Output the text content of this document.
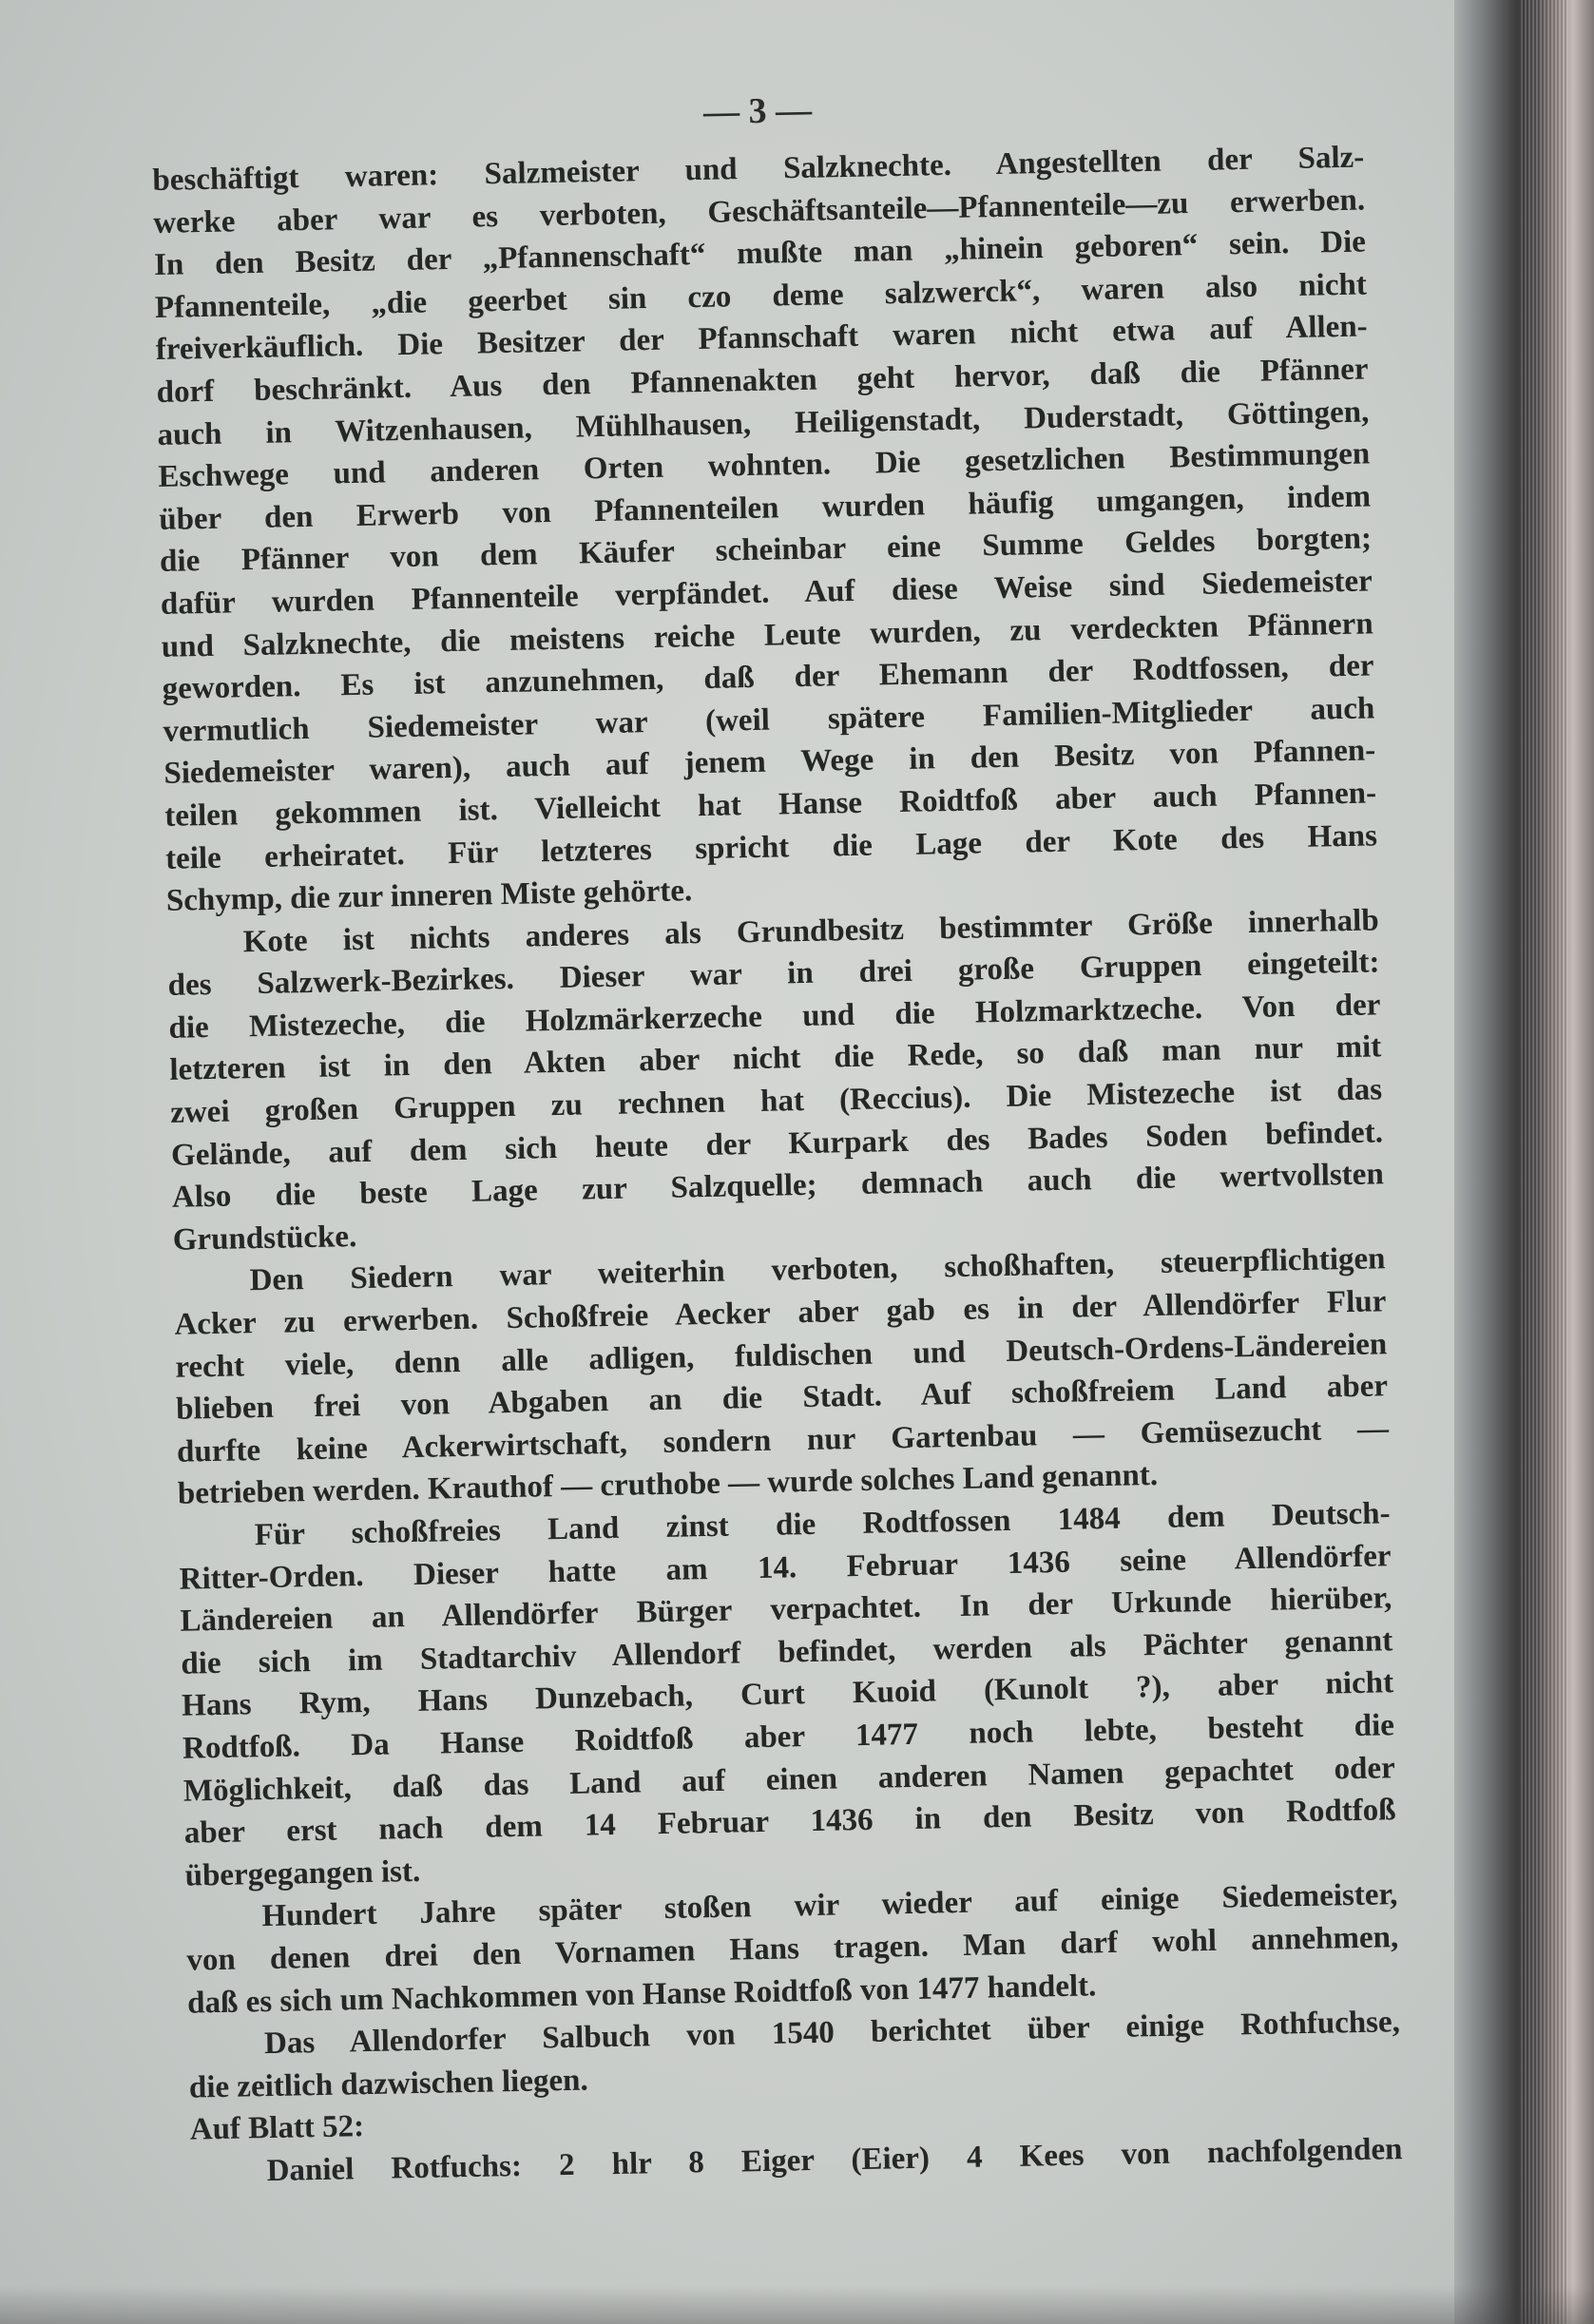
— 3 —
beschäftigt waren: Salzmeister und Salzknechte. Angestellten der Salz-
werke aber war es verboten, Geschäftsanteile—Pfannenteile—zu erwerben.
In den Besitz der „Pfannenschaft“ mußte man „hinein geboren“ sein. Die
Pfannenteile, „die geerbet sin czo deme salzwerck“, waren also nicht
freiverkäuflich. Die Besitzer der Pfannschaft waren nicht etwa auf Allen-
dorf beschränkt. Aus den Pfannenakten geht hervor, daß die Pfänner
auch in Witzenhausen, Mühlhausen, Heiligenstadt, Duderstadt, Göttingen,
Eschwege und anderen Orten wohnten. Die gesetzlichen Bestimmungen
über den Erwerb von Pfannenteilen wurden häufig umgangen, indem
die Pfänner von dem Käufer scheinbar eine Summe Geldes borgten;
dafür wurden Pfannenteile verpfändet. Auf diese Weise sind Siedemeister
und Salzknechte, die meistens reiche Leute wurden, zu verdeckten Pfännern
geworden. Es ist anzunehmen, daß der Ehemann der Rodtfossen, der
vermutlich Siedemeister war (weil spätere Familien-Mitglieder auch
Siedemeister waren), auch auf jenem Wege in den Besitz von Pfannen-
teilen gekommen ist. Vielleicht hat Hanse Roidtfoß aber auch Pfannen-
teile erheiratet. Für letzteres spricht die Lage der Kote des Hans
Schymp, die zur inneren Miste gehörte.
Kote ist nichts anderes als Grundbesitz bestimmter Größe innerhalb
des Salzwerk-Bezirkes. Dieser war in drei große Gruppen eingeteilt:
die Mistezeche, die Holzmärkerzeche und die Holzmarktzeche. Von der
letzteren ist in den Akten aber nicht die Rede, so daß man nur mit
zwei großen Gruppen zu rechnen hat (Reccius). Die Mistezeche ist das
Gelände, auf dem sich heute der Kurpark des Bades Soden befindet.
Also die beste Lage zur Salzquelle; demnach auch die wertvollsten
Grundstücke.
Den Siedern war weiterhin verboten, schoßhaften, steuerpflichtigen
Acker zu erwerben. Schoßfreie Aecker aber gab es in der Allendörfer Flur
recht viele, denn alle adligen, fuldischen und Deutsch-Ordens-Ländereien
blieben frei von Abgaben an die Stadt. Auf schoßfreiem Land aber
durfte keine Ackerwirtschaft, sondern nur Gartenbau — Gemüsezucht —
betrieben werden. Krauthof — cruthobe — wurde solches Land genannt.
Für schoßfreies Land zinst die Rodtfossen 1484 dem Deutsch-
Ritter-Orden. Dieser hatte am 14. Februar 1436 seine Allendörfer
Ländereien an Allendörfer Bürger verpachtet. In der Urkunde hierüber,
die sich im Stadtarchiv Allendorf befindet, werden als Pächter genannt
Hans Rym, Hans Dunzebach, Curt Kuoid (Kunolt ?), aber nicht
Rodtfoß. Da Hanse Roidtfoß aber 1477 noch lebte, besteht die
Möglichkeit, daß das Land auf einen anderen Namen gepachtet oder
aber erst nach dem 14 Februar 1436 in den Besitz von Rodtfoß
übergegangen ist.
Hundert Jahre später stoßen wir wieder auf einige Siedemeister,
von denen drei den Vornamen Hans tragen. Man darf wohl annehmen,
daß es sich um Nachkommen von Hanse Roidtfoß von 1477 handelt.
Das Allendorfer Salbuch von 1540 berichtet über einige Rothfuchse,
die zeitlich dazwischen liegen.
Auf Blatt 52:
Daniel Rotfuchs: 2 hlr 8 Eiger (Eier) 4 Kees von nachfolgenden
